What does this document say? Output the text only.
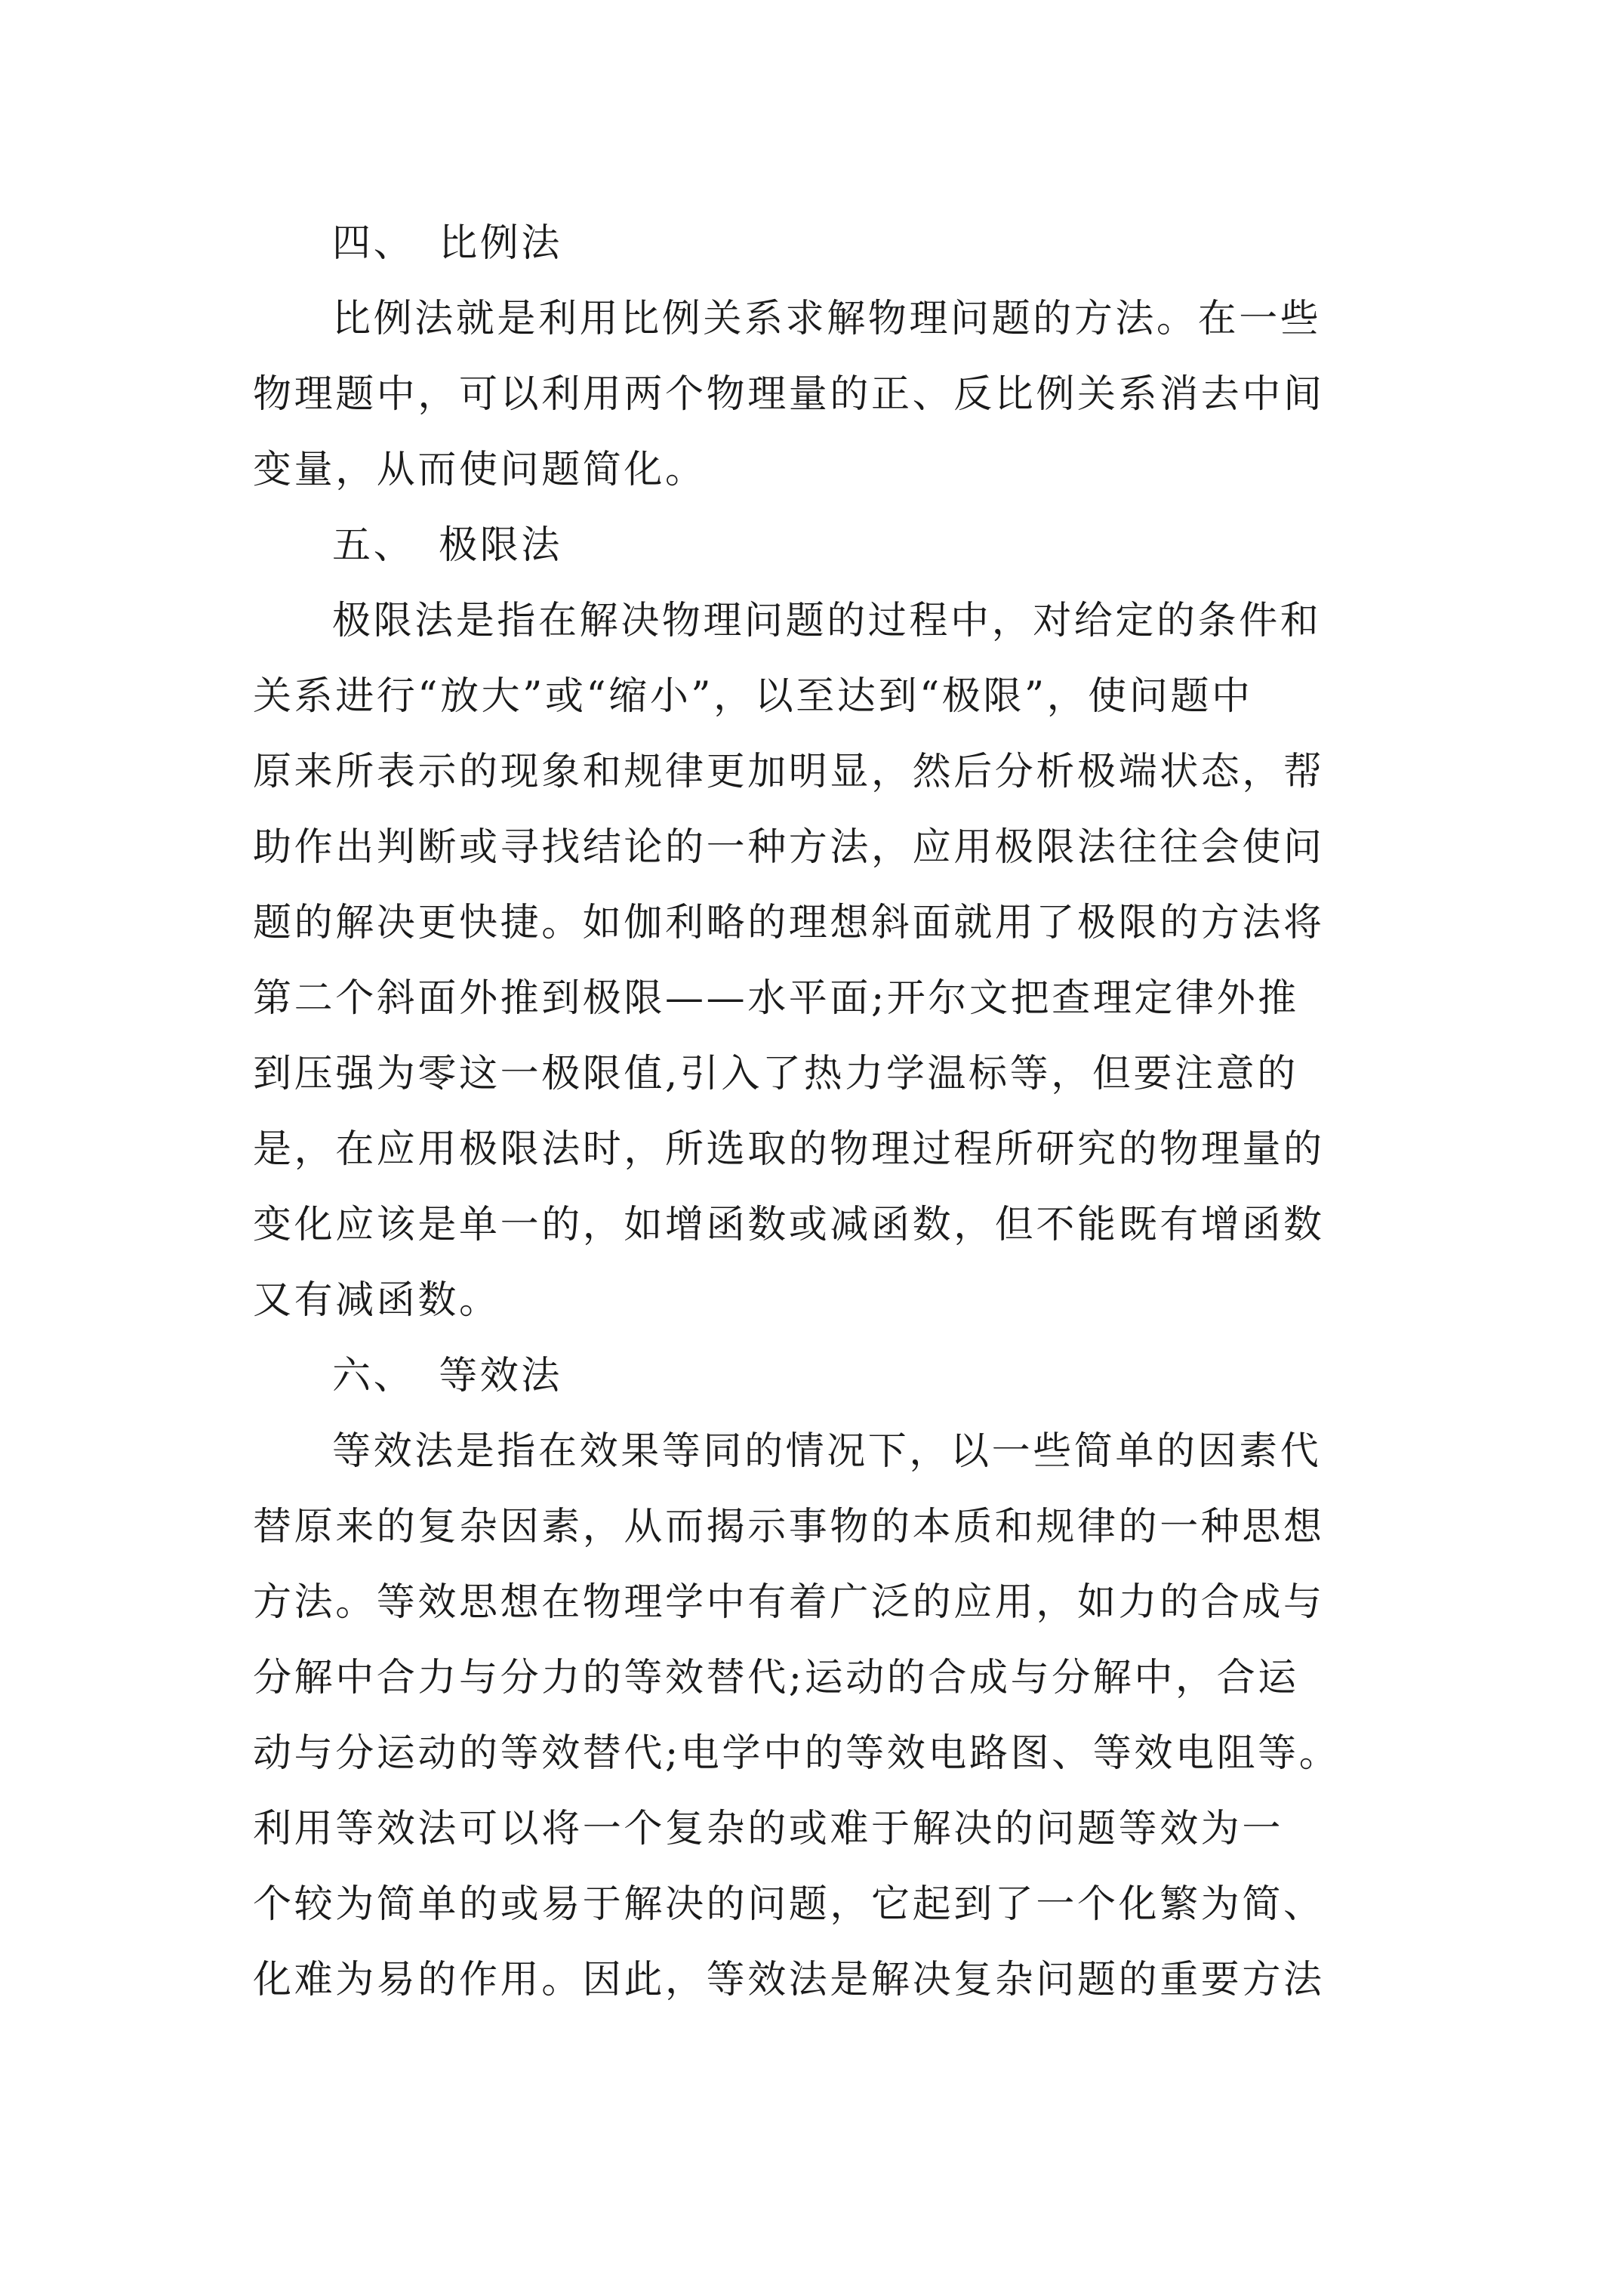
四、 比例法
比例法就是利用比例关系求解物理问题的方法。在一些
物理题中，可以利用两个物理量的正、反比例关系消去中间
变量，从而使问题简化。
五、 极限法
极限法是指在解决物理问题的过程中，对给定的条件和
关系进行“放大”或“缩小”，以至达到“极限”，使问题中
原来所表示的现象和规律更加明显，然后分析极端状态，帮
助作出判断或寻找结论的一种方法，应用极限法往往会使问
题的解决更快捷。如伽利略的理想斜面就用了极限的方法将
第二个斜面外推到极限——水平面;开尔文把查理定律外推
到压强为零这一极限值,引入了热力学温标等，但要注意的
是，在应用极限法时，所选取的物理过程所研究的物理量的
变化应该是单一的，如增函数或减函数，但不能既有增函数
又有减函数。
六、 等效法
等效法是指在效果等同的情况下，以一些简单的因素代
替原来的复杂因素，从而揭示事物的本质和规律的一种思想
方法。等效思想在物理学中有着广泛的应用，如力的合成与
分解中合力与分力的等效替代;运动的合成与分解中，合运
动与分运动的等效替代;电学中的等效电路图、等效电阻等。
利用等效法可以将一个复杂的或难于解决的问题等效为一
个较为简单的或易于解决的问题，它起到了一个化繁为简、
化难为易的作用。因此，等效法是解决复杂问题的重要方法
